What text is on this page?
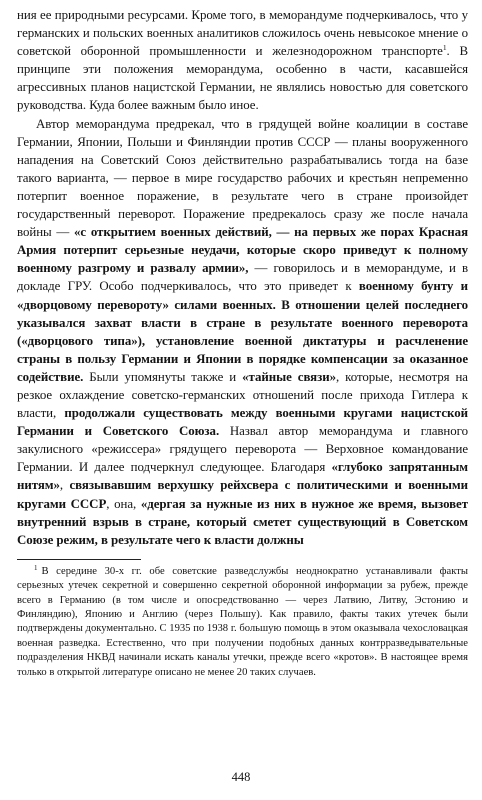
ния ее природными ресурсами. Кроме того, в меморандуме подчеркивалось, что у германских и польских военных аналитиков сложилось очень невысокое мнение о советской оборонной промышленности и железнодорожном транспорте$^1$. В принципе эти положения меморандума, особенно в части, касавшейся агрессивных планов нацистской Германии, не являлись новостью для советского руководства. Куда более важным было иное.

Автор меморандума предрекал, что в грядущей войне коалиции в составе Германии, Японии, Польши и Финляндии против СССР — планы вооруженного нападения на Советский Союз действительно разрабатывались тогда на базе такого варианта, — первое в мире государство рабочих и крестьян непременно потерпит военное поражение, в результате чего в стране произойдет государственный переворот. Поражение предрекалось сразу же после начала войны — «с открытием военных действий, — на первых же порах Красная Армия потерпит серьезные неудачи, которые скоро приведут к полному военному разгрому и развалу армии», — говорилось и в меморандуме, и в докладе ГРУ. Особо подчеркивалось, что это приведет к военному бунту и «дворцовому перевороту» силами военных. В отношении целей последнего указывался захват власти в стране в результате военного переворота («дворцового типа»), установление военной диктатуры и расчленение страны в пользу Германии и Японии в порядке компенсации за оказанное содействие. Были упомянуты также и «тайные связи», которые, несмотря на резкое охлаждение советско-германских отношений после прихода Гитлера к власти, продолжали существовать между военными кругами нацистской Германии и Советского Союза. Назвал автор меморандума и главного закулисного «режиссера» грядущего переворота — Верховное командование Германии. И далее подчеркнул следующее. Благодаря «глубоко запрятанным нитям», связывавшим верхушку рейхсвера с политическими и военными кругами СССР, она, «дергая за нужные из них в нужное же время, вызовет внутренний взрыв в стране, который сметет существующий в Советском Союзе режим, в результате чего к власти должны

$^1$ В середине 30-х гг. обе советские разведслужбы неоднократно устанавливали факты серьезных утечек секретной и совершенно секретной оборонной информации за рубеж, прежде всего в Германию (в том числе и опосредствованно — через Латвию, Литву, Эстонию и Финляндию), Японию и Англию (через Польшу). Как правило, факты таких утечек были подтверждены документально. С 1935 по 1938 г. большую помощь в этом оказывала чехословацкая военная разведка. Естественно, что при получении подобных данных контрразведывательные подразделения НКВД начинали искать каналы утечки, прежде всего «кротов». В настоящее время только в открытой литературе описано не менее 20 таких случаев.

448
